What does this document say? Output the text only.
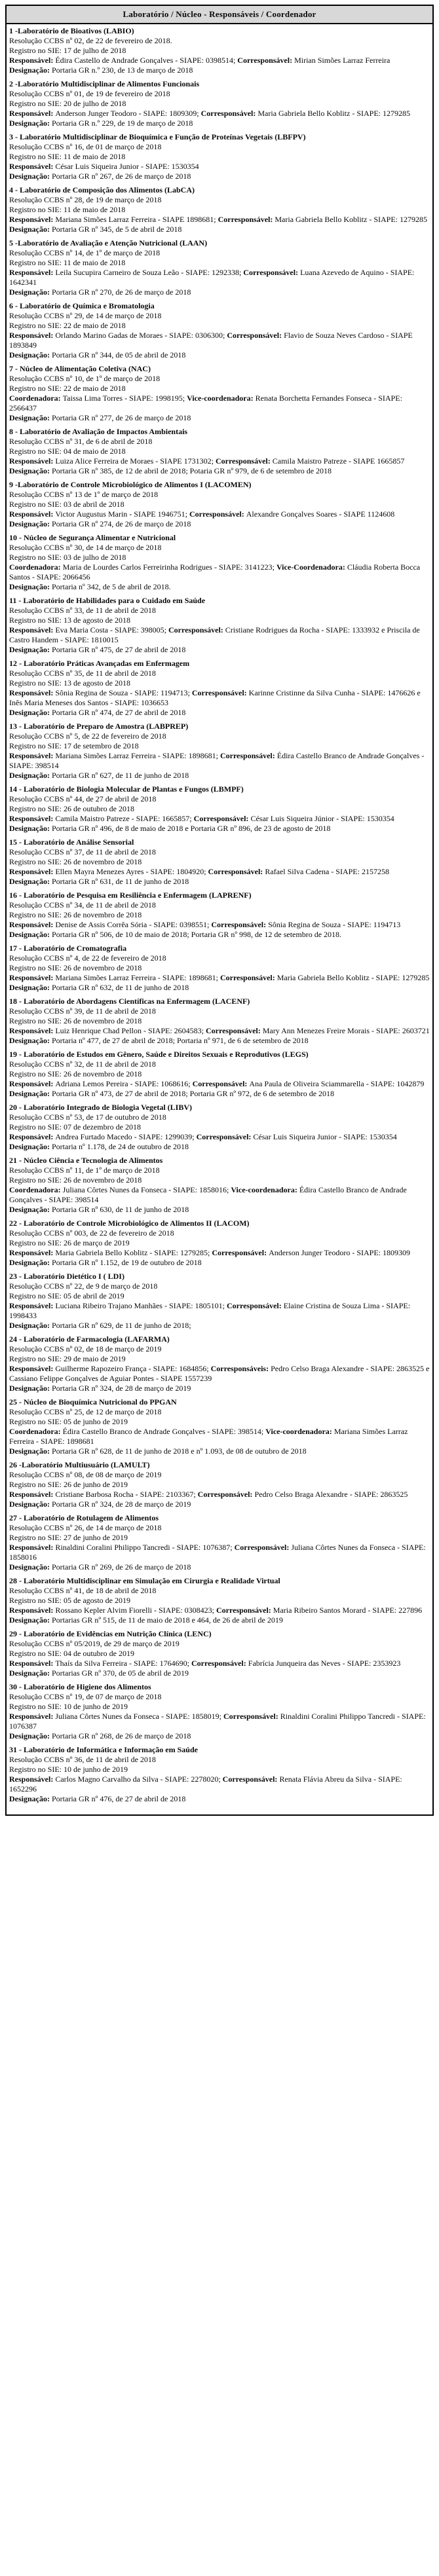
Laboratório / Núcleo - Responsáveis / Coordenador
1 -Laboratório de Bioativos (LABIO)
Resolução CCBS nº 02, de 22 de fevereiro de 2018.
Registro no SIE: 17 de julho de 2018
Responsável: Édira Castello de Andrade Gonçalves - SIAPE: 0398514; Corresponsável: Mirian Simões Larraz Ferreira
Designação: Portaria GR n.º 230, de 13 de março de 2018
2 -Laboratório Multidisciplinar de Alimentos Funcionais
Resolução CCBS nº 01, de 19 de fevereiro de 2018
Registro no SIE: 20 de julho de 2018
Responsável: Anderson Junger Teodoro - SIAPE: 1809309; Corresponsável: Maria Gabriela Bello Koblitz - SIAPE: 1279285
Designação: Portaria GR n.º 229, de 19 de março de 2018
3 - Laboratório Multidisciplinar de Bioquímica e Função de Proteínas Vegetais (LBFPV)
Resolução CCBS nº 16, de 01 de março de 2018
Registro no SIE: 11 de maio de 2018
Responsável: César Luis Siqueira Junior - SIAPE: 1530354
Designação: Portaria GR nº 267, de 26 de março de 2018
4 - Laboratório de Composição dos Alimentos (LabCA)
Resolução CCBS nº 28, de 19 de março de 2018
Registro no SIE: 11 de maio de 2018
Responsável: Mariana Simões Larraz Ferreira - SIAPE 1898681; Corresponsável: Maria Gabriela Bello Koblitz - SIAPE: 1279285
Designação: Portaria GR nº 345, de 5 de abril de 2018
5 -Laboratório de Avaliação e Atenção Nutricional (LAAN)
Resolução CCBS nº 14, de 1º de março de 2018
Registro no SIE: 11 de maio de 2018
Responsável: Leila Sucupira Carneiro de Souza Leão - SIAPE: 1292338; Corresponsável: Luana Azevedo de Aquino - SIAPE: 1642341
Designação: Portaria GR nº 270, de 26 de março de 2018
6 - Laboratório de Química e Bromatologia
Resolução CCBS nº 29, de 14 de março de 2018
Registro no SIE: 22 de maio de 2018
Responsável: Orlando Marino Gadas de Moraes - SIAPE: 0306300; Corresponsável: Flavio de Souza Neves Cardoso - SIAPE 1893849
Designação: Portaria GR nº 344, de 05 de abril de 2018
7 - Núcleo de Alimentação Coletiva (NAC)
Resolução CCBS nº 10, de 1º de março de 2018
Registro no SIE: 22 de maio de 2018
Coordenadora: Taissa Lima Torres - SIAPE: 1998195; Vice-coordenadora: Renata Borchetta Fernandes Fonseca - SIAPE: 2566437
Designação: Portaria GR nº 277, de 26 de março de 2018
8 - Laboratório de Avaliação de Impactos Ambientais
Resolução CCBS nº 31, de 6 de abril de 2018
Registro no SIE: 04 de maio de 2018
Responsável: Luiza Alice Ferreira de Moraes - SIAPE 1731302; Corresponsável: Camila Maistro Patreze - SIAPE 1665857
Designação: Portaria GR nº 385, de 12 de abril de 2018; Potaria GR nº 979, de 6 de setembro de 2018
9 -Laboratório de Controle Microbiológico de Alimentos I (LACOMEN)
Resolução CCBS nº 13 de 1º de março de 2018
Registro no SIE: 03 de abril de 2018
Responsável: Victor Augustus Marin - SIAPE 1946751; Corresponsável: Alexandre Gonçalves Soares - SIAPE 1124608
Designação: Portaria GR nº 274, de 26 de março de 2018
10 - Núcleo de Segurança Alimentar e Nutricional
Resolução CCBS nº 30, de 14 de março de 2018
Registro no SIE: 03 de julho de 2018
Coordenadora: Maria de Lourdes Carlos Ferreirinha Rodrigues - SIAPE: 3141223; Vice-Coordenadora: Cláudia Roberta Bocca Santos - SIAPE: 2066456
Designação: Portaria nº 342, de 5 de abril de 2018.
11 - Laboratório de Habilidades para o Cuidado em Saúde
Resolução CCBS nº 33, de 11 de abril de 2018
Registro no SIE: 13 de agosto de 2018
Responsável: Eva Maria Costa - SIAPE: 398005; Corresponsável: Cristiane Rodrigues da Rocha - SIAPE: 1333932 e Priscila de Castro Handem - SIAPE: 1810015
Designação: Portaria GR nº 475, de 27 de abril de 2018
12 - Laboratório Práticas Avançadas em Enfermagem
Resolução CCBS nº 35, de 11 de abril de 2018
Registro no SIE: 13 de agosto de 2018
Responsável: Sônia Regina de Souza - SIAPE: 1194713; Corresponsável: Karinne Cristinne da Silva Cunha - SIAPE: 1476626 e Inês Maria Meneses dos Santos - SIAPE: 1036653
Designação: Portaria GR nº 474, de 27 de abril de 2018
13 - Laboratório de Preparo de Amostra (LABPREP)
Resolução CCBS nº 5, de 22 de fevereiro de 2018
Registro no SIE: 17 de setembro de 2018
Responsável: Mariana Simões Larraz Ferreira - SIAPE: 1898681; Corresponsável: Édira Castello Branco de Andrade Gonçalves - SIAPE: 398514
Designação: Portaria GR nº 627, de 11 de junho de 2018
14 - Laboratório de Biologia Molecular de Plantas e Fungos (LBMPF)
Resolução CCBS nº 44, de 27 de abril de 2018
Registro no SIE: 26 de outubro de 2018
Responsável: Camila Maistro Patreze - SIAPE: 1665857; Corresponsável: César Luis Siqueira Júnior - SIAPE: 1530354
Designação: Portaria GR nº 496, de 8 de maio de 2018 e Portaria GR nº 896, de 23 de agosto de 2018
15 - Laboratório de Análise Sensorial
Resolução CCBS nº 37, de 11 de abril de 2018
Registro no SIE: 26 de novembro de 2018
Responsável: Ellen Mayra Menezes Ayres - SIAPE: 1804920; Corresponsável: Rafael Silva Cadena - SIAPE: 2157258
Designação: Portaria GR nº 631, de 11 de junho de 2018
16 - Laboratório de Pesquisa em Resiliência e Enfermagem (LAPRENF)
Resolução CCBS nº 34, de 11 de abril de 2018
Registro no SIE: 26 de novembro de 2018
Responsável: Denise de Assis Corrêa Sória - SIAPE: 0398551; Corresponsável: Sônia Regina de Souza - SIAPE: 1194713
Designação: Portaria GR nº 506, de 10 de maio de 2018; Portaria GR nº 998, de 12 de setembro de 2018.
17 - Laboratório de Cromatografia
Resolução CCBS nº 4, de 22 de fevereiro de 2018
Registro no SIE: 26 de novembro de 2018
Responsável: Mariana Simões Larraz Ferreira - SIAPE: 1898681; Corresponsável: Maria Gabriela Bello Koblitz - SIAPE: 1279285
Designação: Portaria GR nº 632, de 11 de junho de 2018
18 - Laboratório de Abordagens Científicas na Enfermagem (LACENF)
Resolução CCBS nº 39, de 11 de abril de 2018
Registro no SIE: 26 de novembro de 2018
Responsável: Luiz Henrique Chad Pellon - SIAPE: 2604583; Corresponsável: Mary Ann Menezes Freire Morais - SIAPE: 2603721
Designação: Portaria nº 477, de 27 de abril de 2018; Portaria nº 971, de 6 de setembro de 2018
19 - Laboratório de Estudos em Gênero, Saúde e Direitos Sexuais e Reprodutivos (LEGS)
Resolução CCBS nº 32, de 11 de abril de 2018
Registro no SIE: 26 de novembro de 2018
Responsável: Adriana Lemos Pereira - SIAPE: 1068616; Corresponsável: Ana Paula de Oliveira Sciammarella - SIAPE: 1042879
Designação: Portaria GR nº 473, de 27 de abril de 2018; Portaria GR nº 972, de 6 de setembro de 2018
20 - Laboratório Integrado de Biologia Vegetal (LIBV)
Resolução CCBS nº 53, de 17 de outubro de 2018
Registro no SIE: 07 de dezembro de 2018
Responsável: Andrea Furtado Macedo - SIAPE: 1299039; Corresponsável: César Luis Siqueira Junior - SIAPE: 1530354
Designação: Portaria nº 1.178, de 24 de outubro de 2018
21 - Núcleo Ciência e Tecnologia de Alimentos
Resolução CCBS nº 11, de 1º de março de 2018
Registro no SIE: 26 de novembro de 2018
Coordenadora: Juliana Côrtes Nunes da Fonseca - SIAPE: 1858016; Vice-coordenadora: Édira Castello Branco de Andrade Gonçalves - SIAPE: 398514
Designação: Portaria GR nº 630, de 11 de junho de 2018
22 - Laboratório de Controle Microbiológico de Alimentos II (LACOM)
Resolução CCBS nº 003, de 22 de fevereiro de 2018
Registro no SIE: 26 de março de 2019
Responsável: Maria Gabriela Bello Koblitz - SIAPE: 1279285; Corresponsável: Anderson Junger Teodoro - SIAPE: 1809309
Designação: Portaria GR nº 1.152, de 19 de outubro de 2018
23 - Laboratório Dietético I ( LDI)
Resolução CCBS nº 22, de 9 de março de 2018
Registro no SIE: 05 de abril de 2019
Responsável: Luciana Ribeiro Trajano Manhães - SIAPE: 1805101; Corresponsável: Elaine Cristina de Souza Lima - SIAPE: 1998433
Designação: Portaria GR nº 629, de 11 de junho de 2018;
24 - Laboratório de Farmacologia (LAFARMA)
Resolução CCBS nº 02, de 18 de março de 2019
Registro no SIE: 29 de maio de 2019
Responsável: Guilherme Rapozeiro França - SIAPE: 1684856; Corresponsáveis: Pedro Celso Braga Alexandre - SIAPE: 2863525 e Cassiano Felippe Gonçalves de Aguiar Pontes - SIAPE 1557239
Designação: Portaria GR nº 324, de 28 de março de 2019
25 - Núcleo de Bioquímica Nutricional do PPGAN
Resolução CCBS nº 25, de 12 de março de 2018
Registro no SIE: 05 de junho de 2019
Coordenadora: Édira Castello Branco de Andrade Gonçalves - SIAPE: 398514; Vice-coordenadora: Mariana Simões Larraz Ferreira - SIAPE: 1898681
Designação: Portaria GR nº 628, de 11 de junho de 2018 e nº 1.093, de 08 de outubro de 2018
26 -Laboratório Multiusuário (LAMULT)
Resolução CCBS nº 08, de 08 de março de 2019
Registro no SIE: 26 de junho de 2019
Responsável: Cristiane Barbosa Rocha - SIAPE: 2103367; Corresponsável: Pedro Celso Braga Alexandre - SIAPE: 2863525
Designação: Portaria GR nº 324, de 28 de março de 2019
27 - Laboratório de Rotulagem de Alimentos
Resolução CCBS nº 26, de 14 de março de 2018
Registro no SIE: 27 de junho de 2019
Responsável: Rinaldini Coralini Philippo Tancredi - SIAPE: 1076387; Corresponsável: Juliana Côrtes Nunes da Fonseca - SIAPE: 1858016
Designação: Portaria GR nº 269, de 26 de março de 2018
28 - Laboratório Multidisciplinar em Simulação em Cirurgia e Realidade Virtual
Resolução CCBS nº 41, de 18 de abril de 2018
Registro no SIE: 05 de agosto de 2019
Responsável: Rossano Kepler Alvim Fiorelli - SIAPE: 0308423; Corresponsável: Maria Ribeiro Santos Morard - SIAPE: 227896
Designação: Portarias GR nº 515, de 11 de maio de 2018 e 464, de 26 de abril de 2019
29 - Laboratório de Evidências em Nutrição Clínica (LENC)
Resolução CCBS nº 05/2019, de 29 de março de 2019
Registro no SIE: 04 de outubro de 2019
Responsável: Thaís da Silva Ferreira - SIAPE: 1764690; Corresponsável: Fabrícia Junqueira das Neves - SIAPE: 2353923
Designação: Portarias GR nº 370, de 05 de abril de 2019
30 - Laboratório de Higiene dos Alimentos
Resolução CCBS nº 19, de 07 de março de 2018
Registro no SIE: 10 de junho de 2019
Responsável: Juliana Côrtes Nunes da Fonseca - SIAPE: 1858019; Corresponsável: Rinaldini Coralini Philippo Tancredi - SIAPE: 1076387
Designação: Portaria GR nº 268, de 26 de março de 2018
31 - Laboratório de Informática e Informação em Saúde
Resolução CCBS nº 36, de 11 de abril de 2018
Registro no SIE: 10 de junho de 2019
Responsável: Carlos Magno Carvalho da Silva - SIAPE: 2278020; Corresponsável: Renata Flávia Abreu da Silva - SIAPE: 1652296
Designação: Portaria GR nº 476, de 27 de abril de 2018
